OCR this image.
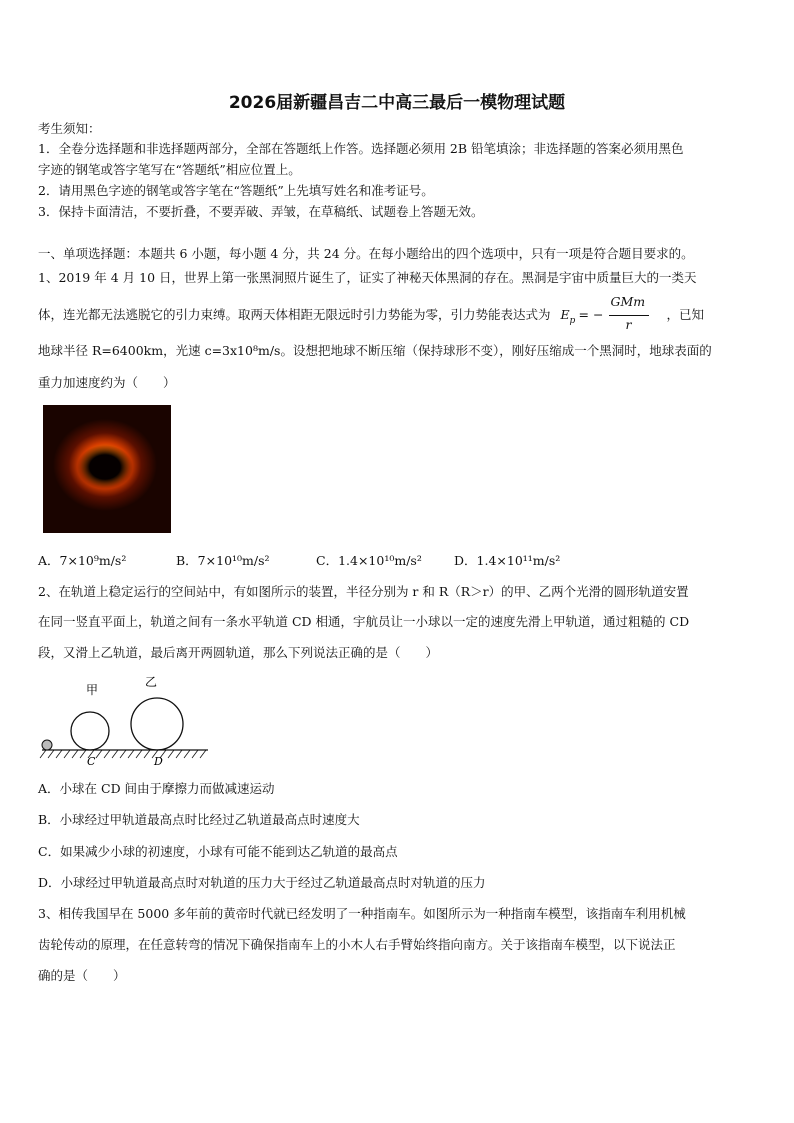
2026届新疆昌吉二中高三最后一模物理试题
考生须知：
1．全卷分选择题和非选择题两部分，全部在答题纸上作答。选择题必须用 2B 铅笔填涂；非选择题的答案必须用黑色
字迹的钢笔或答字笔写在“答题纸”相应位置上。
2．请用黑色字迹的钢笔或答字笔在“答题纸”上先填写姓名和准考证号。
3．保持卡面清洁，不要折叠，不要弄破、弄皱，在草稿纸、试题卷上答题无效。
一、单项选择题：本题共 6 小题，每小题 4 分，共 24 分。在每小题给出的四个选项中，只有一项是符合题目要求的。
1、2019 年 4 月 10 日，世界上第一张黑洞照片诞生了，证实了神秘天体黑洞的存在。黑洞是宇宙中质量巨大的一类天
体，连光都无法逃脱它的引力束缚。取两天体相距无限远时引力势能为零，引力势能表达式为 E p = −
GMm
r
，已知
地球半径 R=6400km，光速 c=3x10⁸m/s。设想把地球不断压缩（保持球形不变），刚好压缩成一个黑洞时，地球表面的
重力加速度约为（　　）
A．7×10⁹m/s²	B．7×10¹⁰m/s²	C．1.4×10¹⁰m/s²	D．1.4×10¹¹m/s²
2、在轨道上稳定运行的空间站中，有如图所示的装置，半径分别为 r 和 R（R＞r）的甲、乙两个光滑的圆形轨道安置
在同一竖直平面上，轨道之间有一条水平轨道 CD 相通，宇航员让一小球以一定的速度先滑上甲轨道，通过粗糙的 CD
段，又滑上乙轨道，最后离开两圆轨道，那么下列说法正确的是（　　）
甲
乙
C	D
A．小球在 CD 间由于摩擦力而做减速运动
B．小球经过甲轨道最高点时比经过乙轨道最高点时速度大
C．如果减少小球的初速度，小球有可能不能到达乙轨道的最高点
D．小球经过甲轨道最高点时对轨道的压力大于经过乙轨道最高点时对轨道的压力
3、相传我国早在 5000 多年前的黄帝时代就已经发明了一种指南车。如图所示为一种指南车模型，该指南车利用机械
齿轮传动的原理，在任意转弯的情况下确保指南车上的小木人右手臂始终指向南方。关于该指南车模型，以下说法正
确的是（　　）
